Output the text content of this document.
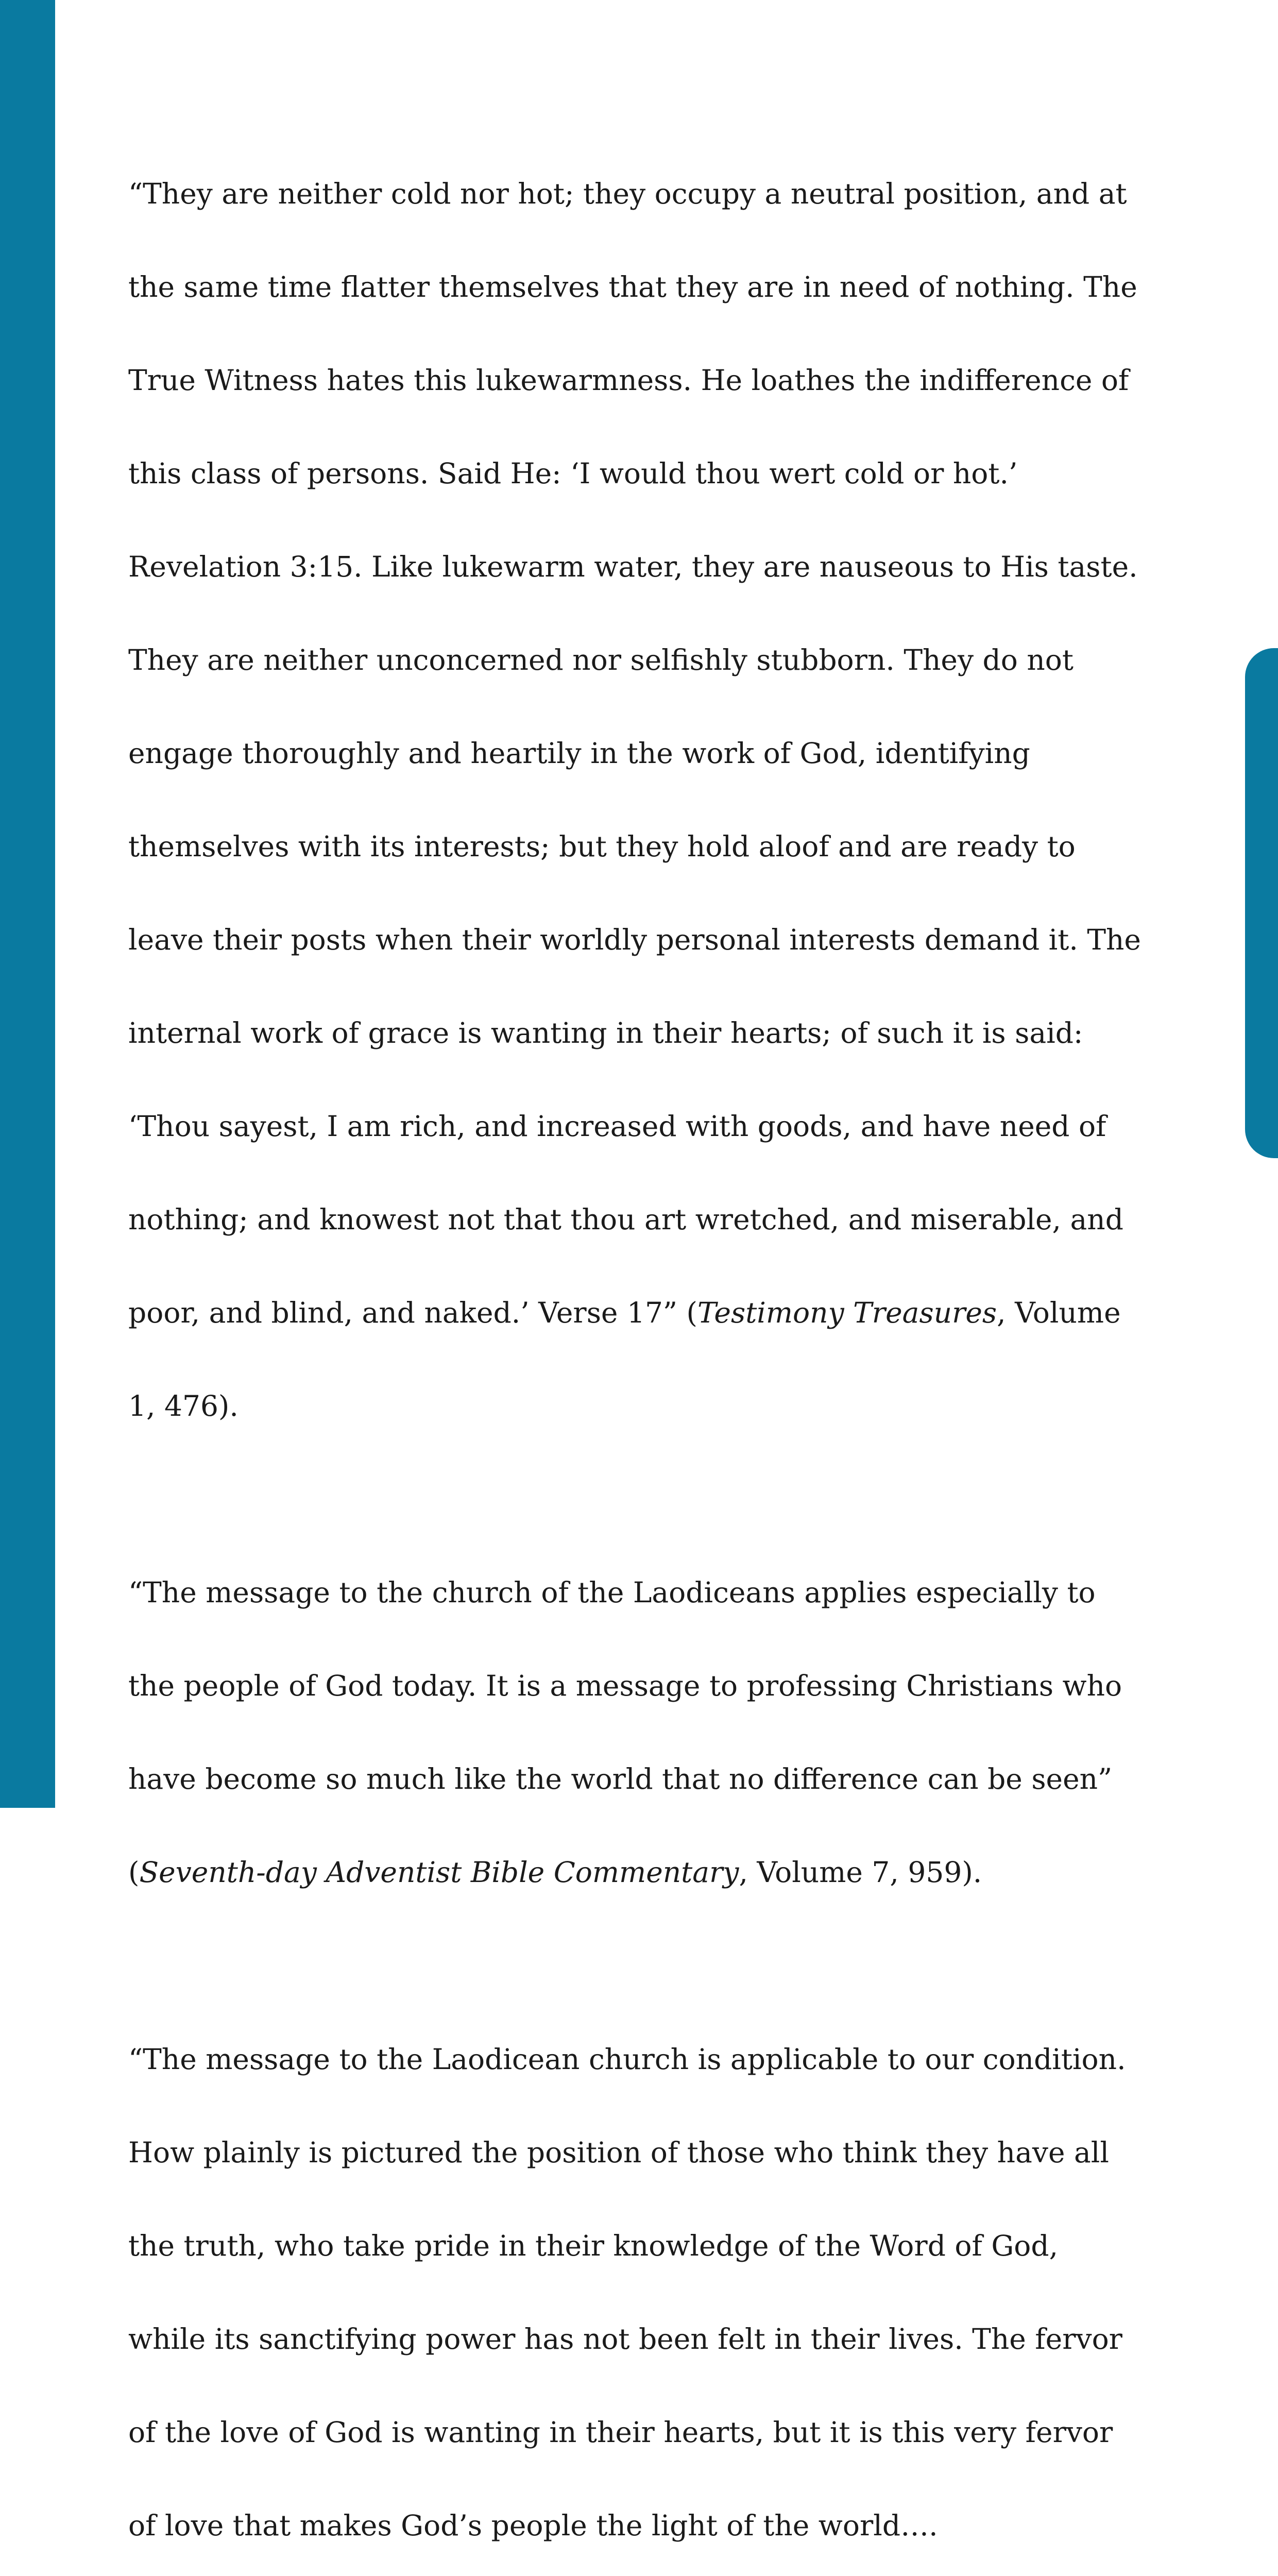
“They are neither cold nor hot; they occupy a neutral position, and at

the same time flatter themselves that they are in need of nothing. The

True Witness hates this lukewarmness. He loathes the indifference of

this class of persons. Said He: ‘I would thou wert cold or hot.’

Revelation 3:15. Like lukewarm water, they are nauseous to His taste.

They are neither unconcerned nor selfishly stubborn. They do not

engage thoroughly and heartily in the work of God, identifying

themselves with its interests; but they hold aloof and are ready to

leave their posts when their worldly personal interests demand it. The

internal work of grace is wanting in their hearts; of such it is said:

‘Thou sayest, I am rich, and increased with goods, and have need of

nothing; and knowest not that thou art wretched, and miserable, and

poor, and blind, and naked.’ Verse 17” (Testimony Treasures, Volume

1, 476).

“The message to the church of the Laodiceans applies especially to

the people of God today. It is a message to professing Christians who

have become so much like the world that no difference can be seen”

(Seventh-day Adventist Bible Commentary, Volume 7, 959).

“The message to the Laodicean church is applicable to our condition.

How plainly is pictured the position of those who think they have all

the truth, who take pride in their knowledge of the Word of God,

while its sanctifying power has not been felt in their lives. The fervor

of the love of God is wanting in their hearts, but it is this very fervor

of love that makes God’s people the light of the world….
